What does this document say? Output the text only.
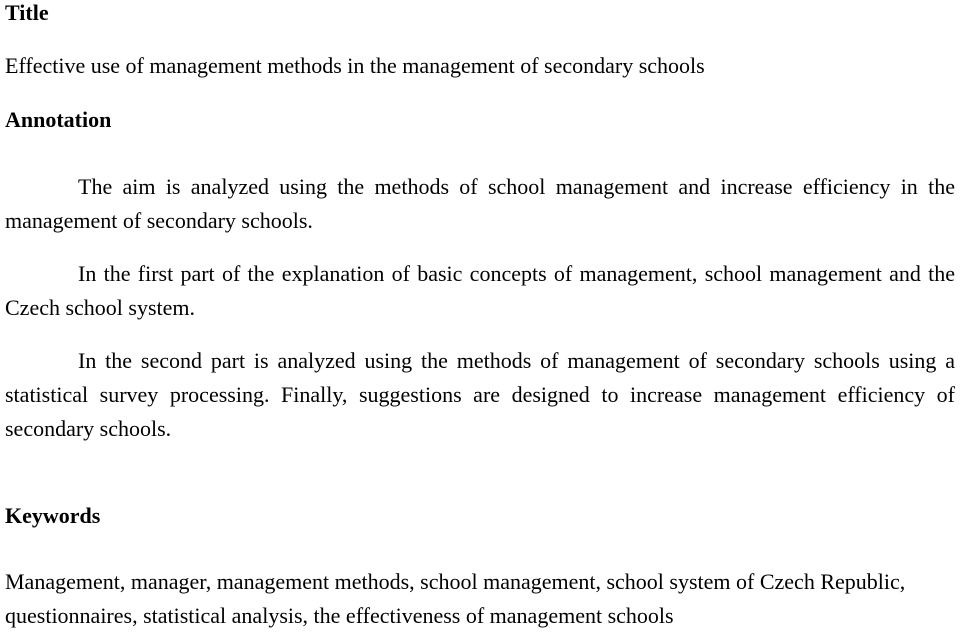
Title

Effective use of management methods in the management of secondary schools

Annotation

The aim is analyzed using the methods of school management and increase efficiency in the management of secondary schools.

In the first part of the explanation of basic concepts of management, school management and the Czech school system.

In the second part is analyzed using the methods of management of secondary schools using a statistical survey processing. Finally, suggestions are designed to increase management efficiency of secondary schools.

Keywords

Management, manager, management methods, school management, school system of Czech Republic, questionnaires, statistical analysis, the effectiveness of management schools
